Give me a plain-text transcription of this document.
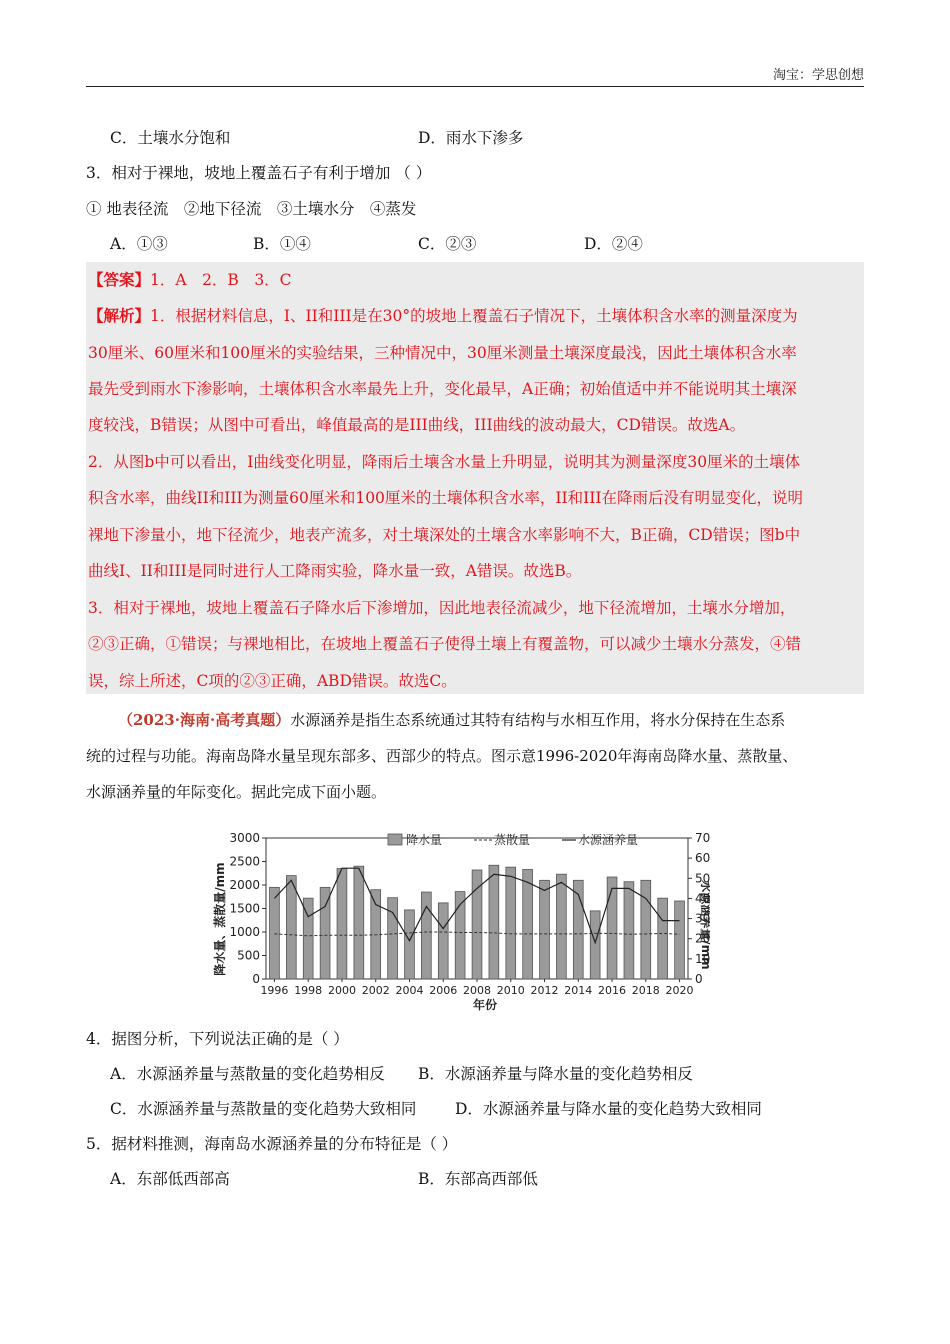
淘宝：学思创想
C．土壤水分饱和	D．雨水下渗多
3．相对于裸地，坡地上覆盖石子有利于增加 （ ）
① 地表径流　②地下径流　③土壤水分　④蒸发
A．①③	B．①④	C．②③	D．②④
【答案】1．A　2．B　3．C
【解析】1．根据材料信息，I、II和III是在30°的坡地上覆盖石子情况下，土壤体积含水率的测量深度为
30厘米、60厘米和100厘米的实验结果，三种情况中，30厘米测量土壤深度最浅，因此土壤体积含水率
最先受到雨水下渗影响，土壤体积含水率最先上升，变化最早，A正确；初始值适中并不能说明其土壤深
度较浅，B错误；从图中可看出，峰值最高的是III曲线，III曲线的波动最大，CD错误。故选A。
2．从图b中可以看出，I曲线变化明显，降雨后土壤含水量上升明显，说明其为测量深度30厘米的土壤体
积含水率，曲线II和III为测量60厘米和100厘米的土壤体积含水率，II和III在降雨后没有明显变化，说明
裸地下渗量小，地下径流少，地表产流多，对土壤深处的土壤含水率影响不大，B正确，CD错误；图b中
曲线I、II和III是同时进行人工降雨实验，降水量一致，A错误。故选B。
3．相对于裸地，坡地上覆盖石子降水后下渗增加，因此地表径流减少，地下径流增加，土壤水分增加，
②③正确，①错误；与裸地相比，在坡地上覆盖石子使得土壤上有覆盖物，可以减少土壤水分蒸发，④错
误，综上所述，C项的②③正确，ABD错误。故选C。
（2023·海南·高考真题）水源涵养是指生态系统通过其特有结构与水相互作用，将水分保持在生态系
统的过程与功能。海南岛降水量呈现东部多、西部少的特点。图示意1996-2020年海南岛降水量、蒸散量、
水源涵养量的年际变化。据此完成下面小题。
0
500
1000
1500
2000
2500
3000
0
10
20
30
40
50
60
70
1996 1998 2000 2002 2004 2006 2008 2010 2012 2014 2016 2018 2020
降水量	蒸散量	水源涵养量
降水量、蒸散量/mm	水源涵养量/mm
年份
4．据图分析，下列说法正确的是（ ）
A．水源涵养量与蒸散量的变化趋势相反 B．水源涵养量与降水量的变化趋势相反
C．水源涵养量与蒸散量的变化趋势大致相同 D．水源涵养量与降水量的变化趋势大致相同
5．据材料推测，海南岛水源涵养量的分布特征是（ ）
A．东部低西部高	B．东部高西部低
